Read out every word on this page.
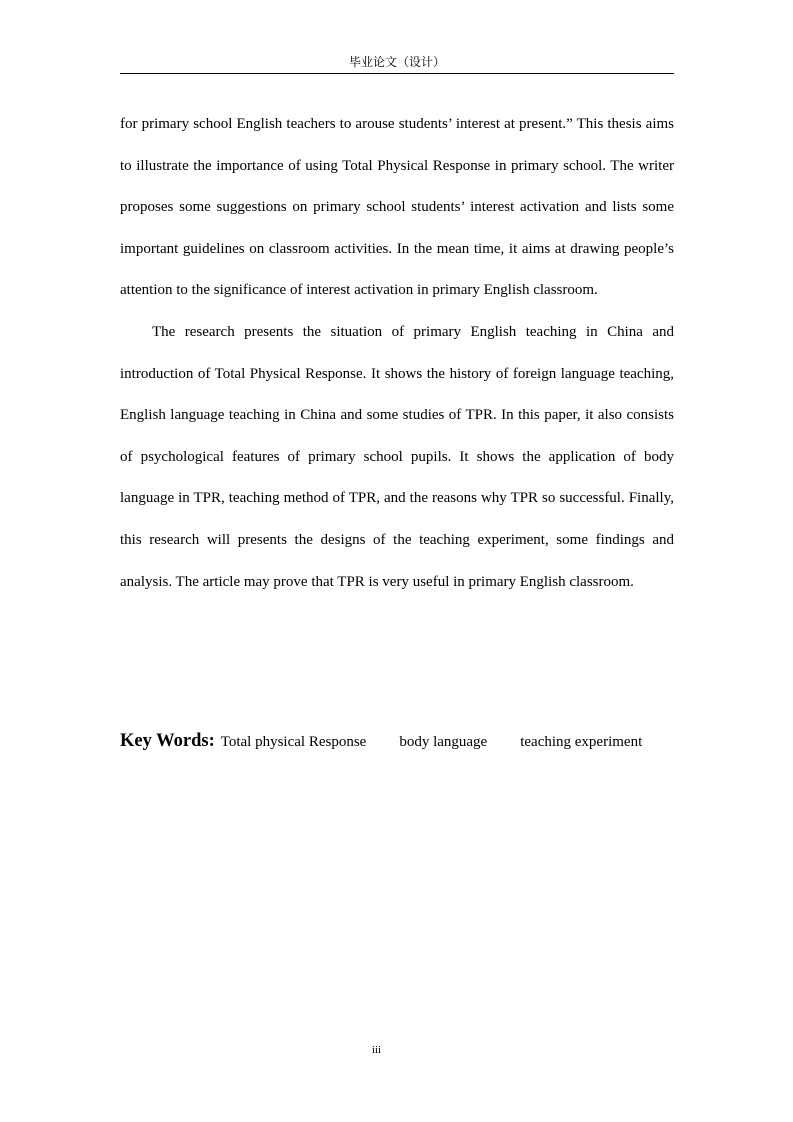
毕业论文（设计）

for primary school English teachers to arouse students’ interest at present.” This thesis aims to illustrate the importance of using Total Physical Response in primary school. The writer proposes some suggestions on primary school students’ interest activation and lists some important guidelines on classroom activities. In the mean time, it aims at drawing people’s attention to the significance of interest activation in primary English classroom.

The research presents the situation of primary English teaching in China and introduction of Total Physical Response. It shows the history of foreign language teaching, English language teaching in China and some studies of TPR. In this paper, it also consists of psychological features of primary school pupils. It shows the application of body language in TPR, teaching method of TPR, and the reasons why TPR so successful. Finally, this research will presents the designs of the teaching experiment, some findings and analysis. The article may prove that TPR is very useful in primary English classroom.

Key Words: Total physical Response body language teaching experiment
iii
